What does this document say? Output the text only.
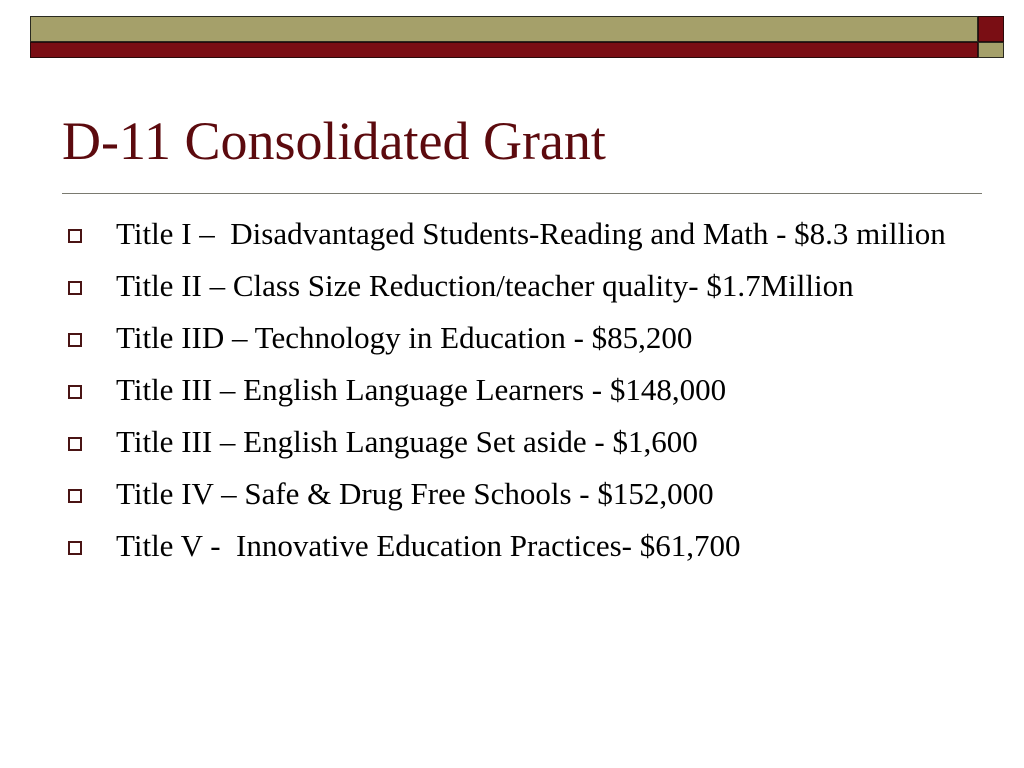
D-11 Consolidated Grant
Title I –  Disadvantaged Students-Reading and Math - $8.3 million
Title II – Class Size Reduction/teacher quality- $1.7Million
Title IID – Technology in Education - $85,200
Title III – English Language Learners - $148,000
Title III – English Language Set aside - $1,600
Title IV – Safe & Drug Free Schools - $152,000
Title V -  Innovative Education Practices- $61,700
